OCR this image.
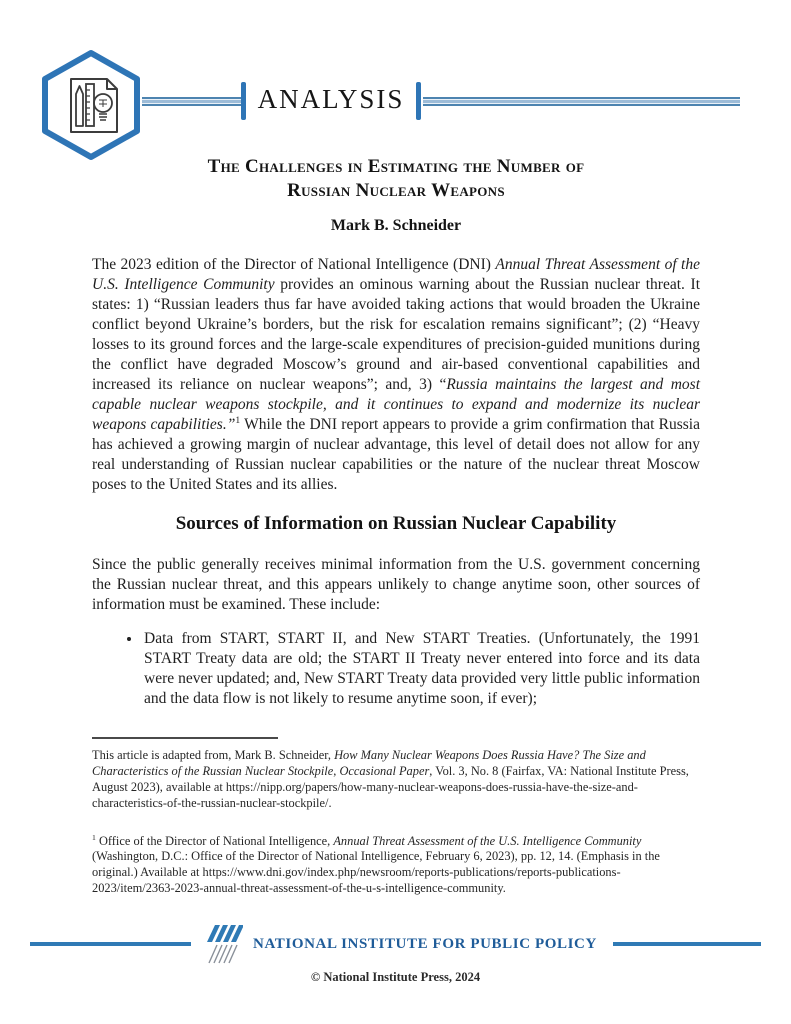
ANALYSIS
The Challenges in Estimating the Number of
Russian Nuclear Weapons
Mark B. Schneider

The 2023 edition of the Director of National Intelligence (DNI) Annual Threat Assessment of the U.S. Intelligence Community provides an ominous warning about the Russian nuclear threat. It states: 1) “Russian leaders thus far have avoided taking actions that would broaden the Ukraine conflict beyond Ukraine’s borders, but the risk for escalation remains significant”; (2) “Heavy losses to its ground forces and the large-scale expenditures of precision-guided munitions during the conflict have degraded Moscow’s ground and air-based conventional capabilities and increased its reliance on nuclear weapons”; and, 3) “Russia maintains the largest and most capable nuclear weapons stockpile, and it continues to expand and modernize its nuclear weapons capabilities.”$^1$ While the DNI report appears to provide a grim confirmation that Russia has achieved a growing margin of nuclear advantage, this level of detail does not allow for any real understanding of Russian nuclear capabilities or the nature of the nuclear threat Moscow poses to the United States and its allies.

Sources of Information on Russian Nuclear Capability

Since the public generally receives minimal information from the U.S. government concerning the Russian nuclear threat, and this appears unlikely to change anytime soon, other sources of information must be examined. These include:

• Data from START, START II, and New START Treaties. (Unfortunately, the 1991 START Treaty data are old; the START II Treaty never entered into force and its data were never updated; and, New START Treaty data provided very little public information and the data flow is not likely to resume anytime soon, if ever);

This article is adapted from, Mark B. Schneider, How Many Nuclear Weapons Does Russia Have? The Size and Characteristics of the Russian Nuclear Stockpile, Occasional Paper, Vol. 3, No. 8 (Fairfax, VA: National Institute Press, August 2023), available at https://nipp.org/papers/how-many-nuclear-weapons-does-russia-have-the-size-and-characteristics-of-the-russian-nuclear-stockpile/.

$^1$ Office of the Director of National Intelligence, Annual Threat Assessment of the U.S. Intelligence Community (Washington, D.C.: Office of the Director of National Intelligence, February 6, 2023), pp. 12, 14. (Emphasis in the original.) Available at https://www.dni.gov/index.php/newsroom/reports-publications/reports-publications-2023/item/2363-2023-annual-threat-assessment-of-the-u-s-intelligence-community.

NATIONAL INSTITUTE FOR PUBLIC POLICY
© National Institute Press, 2024
